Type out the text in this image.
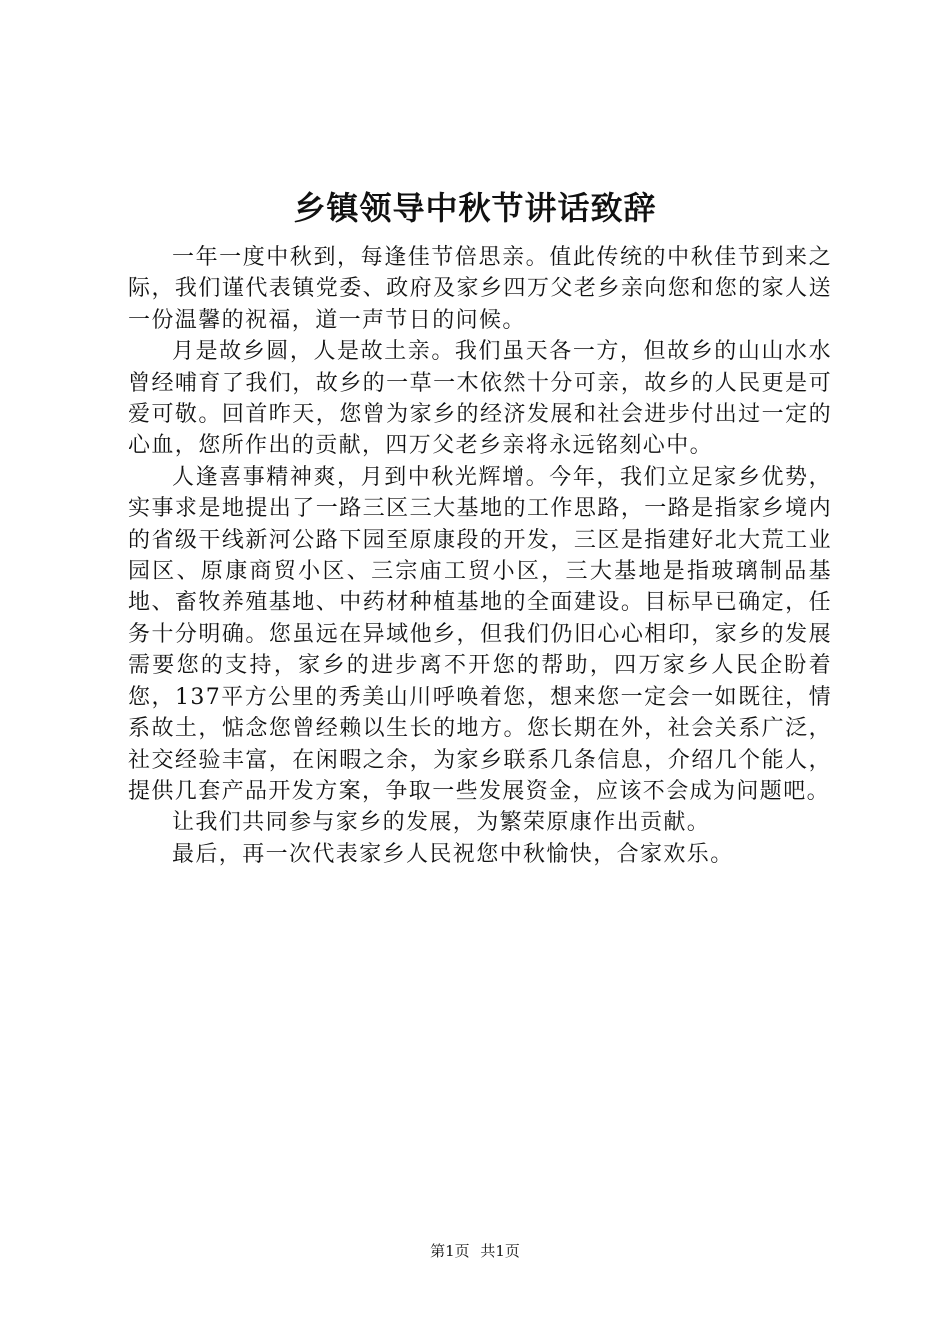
乡镇领导中秋节讲话致辞

一年一度中秋到，每逢佳节倍思亲。值此传统的中秋佳节到来之际，我们谨代表镇党委、政府及家乡四万父老乡亲向您和您的家人送一份温馨的祝福，道一声节日的问候。

月是故乡圆，人是故土亲。我们虽天各一方，但故乡的山山水水曾经哺育了我们，故乡的一草一木依然十分可亲，故乡的人民更是可爱可敬。回首昨天，您曾为家乡的经济发展和社会进步付出过一定的心血，您所作出的贡献，四万父老乡亲将永远铭刻心中。

人逢喜事精神爽，月到中秋光辉增。今年，我们立足家乡优势，实事求是地提出了一路三区三大基地的工作思路，一路是指家乡境内的省级干线新河公路下园至原康段的开发，三区是指建好北大荒工业园区、原康商贸小区、三宗庙工贸小区，三大基地是指玻璃制品基地、畜牧养殖基地、中药材种植基地的全面建设。目标早已确定，任务十分明确。您虽远在异域他乡，但我们仍旧心心相印，家乡的发展需要您的支持，家乡的进步离不开您的帮助，四万家乡人民企盼着您，137平方公里的秀美山川呼唤着您，想来您一定会一如既往，情系故土，惦念您曾经赖以生长的地方。您长期在外，社会关系广泛，社交经验丰富，在闲暇之余，为家乡联系几条信息，介绍几个能人，提供几套产品开发方案，争取一些发展资金，应该不会成为问题吧。

让我们共同参与家乡的发展，为繁荣原康作出贡献。

最后，再一次代表家乡人民祝您中秋愉快，合家欢乐。

第1页 共1页
